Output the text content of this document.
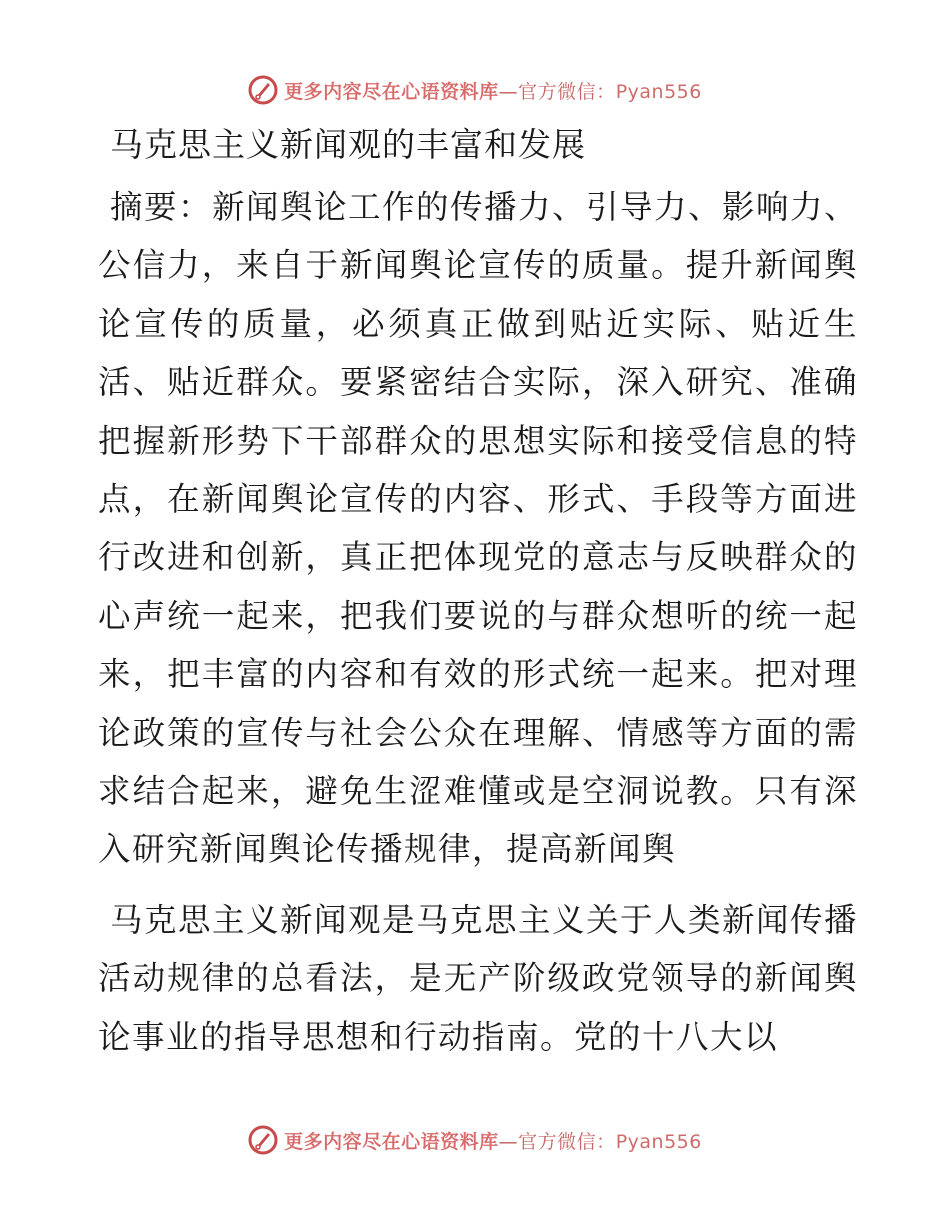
更多内容尽在心语资料库—官方微信：Pyan556
马克思主义新闻观的丰富和发展

摘要：新闻舆论工作的传播力、引导力、影响力、公信力，来自于新闻舆论宣传的质量。提升新闻舆论宣传的质量，必须真正做到贴近实际、贴近生活、贴近群众。要紧密结合实际，深入研究、准确把握新形势下干部群众的思想实际和接受信息的特点，在新闻舆论宣传的内容、形式、手段等方面进行改进和创新，真正把体现党的意志与反映群众的心声统一起来，把我们要说的与群众想听的统一起来，把丰富的内容和有效的形式统一起来。把对理论政策的宣传与社会公众在理解、情感等方面的需求结合起来，避免生涩难懂或是空洞说教。只有深入研究新闻舆论传播规律，提高新闻舆

马克思主义新闻观是马克思主义关于人类新闻传播活动规律的总看法，是无产阶级政党领导的新闻舆论事业的指导思想和行动指南。党的十八大以

更多内容尽在心语资料库—官方微信：Pyan556
